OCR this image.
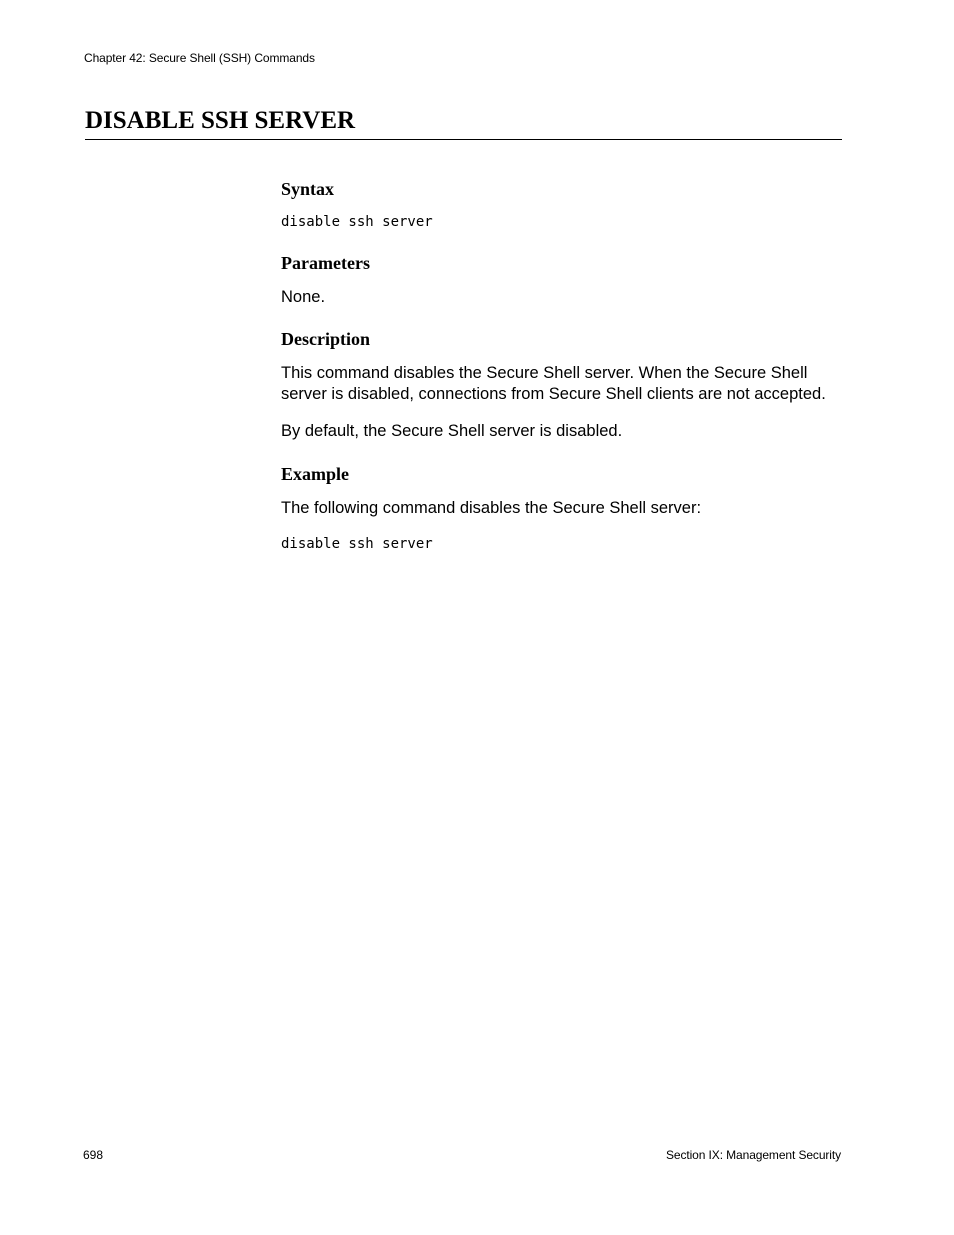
Chapter 42: Secure Shell (SSH) Commands
DISABLE SSH SERVER
Syntax
disable ssh server
Parameters

None.

Description

This command disables the Secure Shell server. When the Secure Shell server is disabled, connections from Secure Shell clients are not accepted.

By default, the Secure Shell server is disabled.

Example

The following command disables the Secure Shell server:

disable ssh server
698	Section IX: Management Security
